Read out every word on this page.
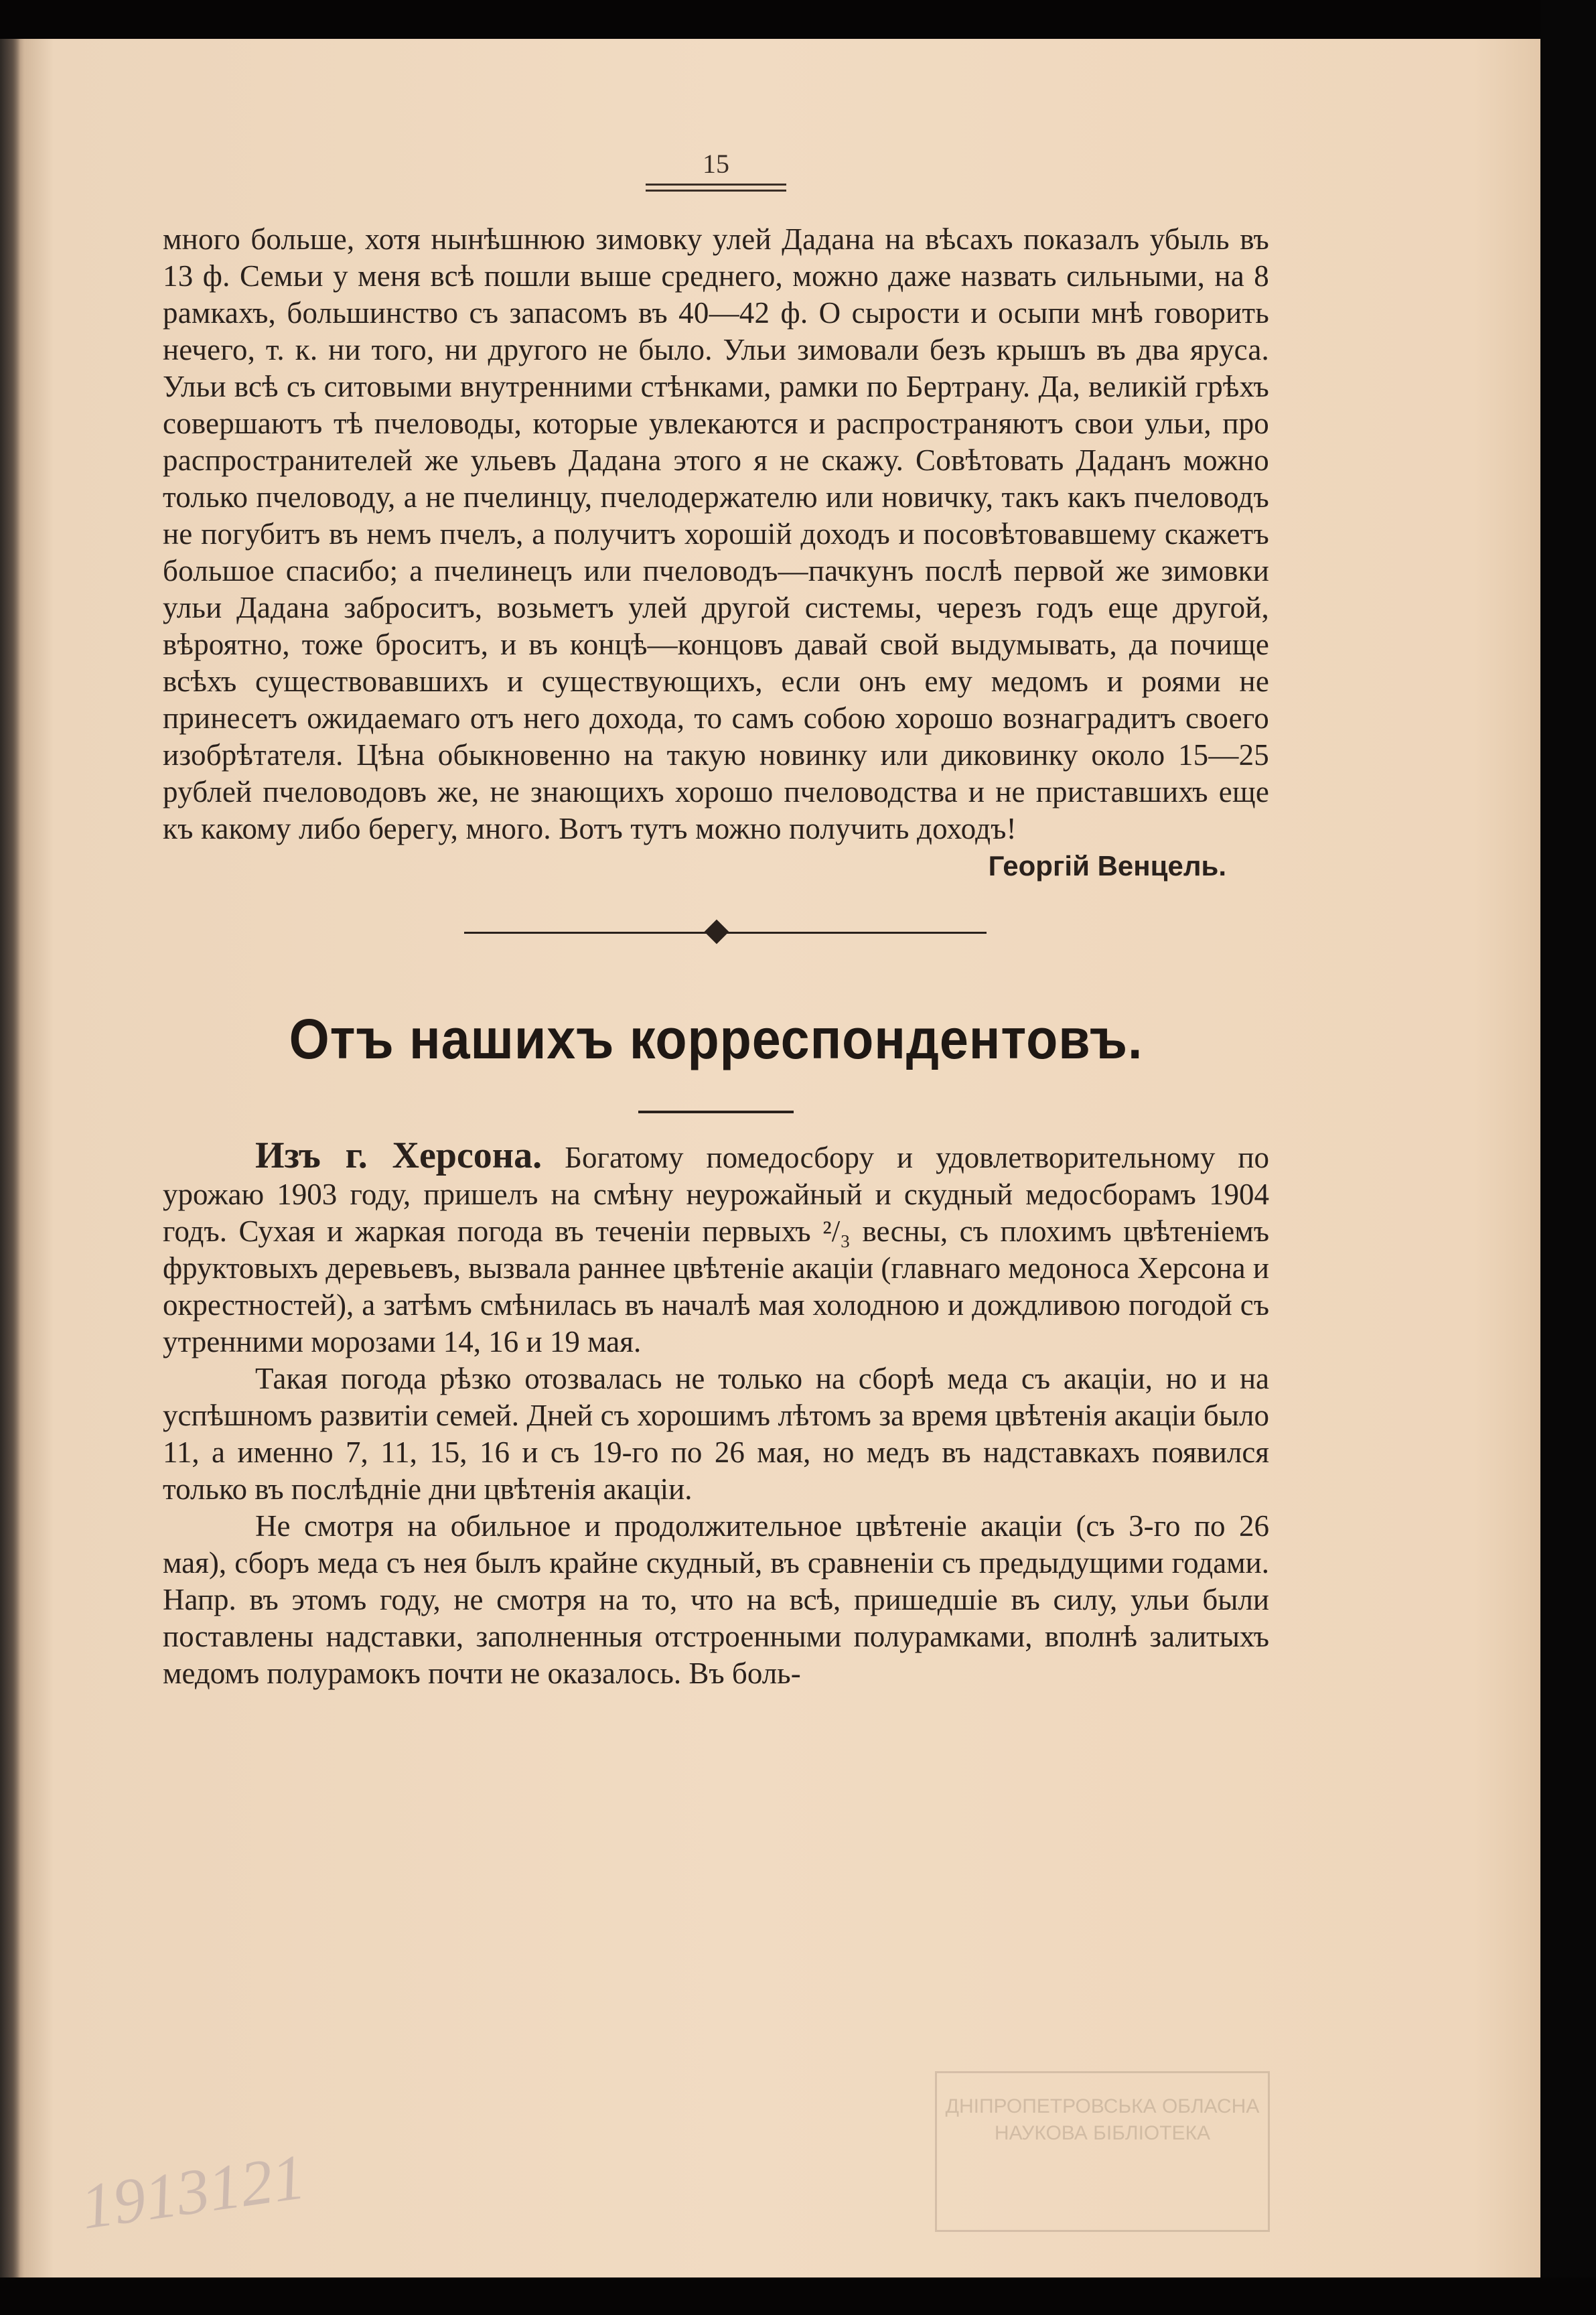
15

много больше, хотя нынѣшнюю зимовку улей Дадана на вѣсахъ показалъ убыль въ 13 ф. Семьи у меня всѣ пошли выше среднего, можно даже назвать сильными, на 8 рамкахъ, большинство съ запасомъ въ 40—42 ф. О сырости и осыпи мнѣ говорить нечего, т. к. ни того, ни другого не было. Ульи зимовали безъ крышъ въ два яруса. Ульи всѣ съ ситовыми внутренними стѣнками, рамки по Бертрану. Да, великій грѣхъ совершаютъ тѣ пчеловоды, которые увлекаются и распространяютъ свои ульи, про распространителей же ульевъ Дадана этого я не скажу. Совѣтовать Даданъ можно только пчеловоду, а не пчелинцу, пчелодержателю или новичку, такъ какъ пчеловодъ не погубитъ въ немъ пчелъ, а получитъ хорошій доходъ и посовѣтовавшему скажетъ большое спасибо; а пчелинецъ или пчеловодъ—пачкунъ послѣ первой же зимовки ульи Дадана заброситъ, возьметъ улей другой системы, черезъ годъ еще другой, вѣроятно, тоже броситъ, и въ концѣ—концовъ давай свой выдумывать, да почище всѣхъ существовавшихъ и существующихъ, если онъ ему медомъ и роями не принесетъ ожидаемаго отъ него дохода, то самъ собою хорошо вознаградитъ своего изобрѣтателя. Цѣна обыкновенно на такую новинку или диковинку около 15—25 рублей пчеловодовъ же, не знающихъ хорошо пчеловодства и не приставшихъ еще къ какому либо берегу, много. Вотъ тутъ можно получить доходъ!

Георгій Венцель.
Отъ нашихъ корреспондентовъ.

Изъ г. Херсона. Богатому помедосбору и удовлетворительному по урожаю 1903 году, пришелъ на смѣну неурожайный и скудный медосборамъ 1904 годъ. Сухая и жаркая погода въ теченіи первыхъ ²/₃ весны, съ плохимъ цвѣтеніемъ фруктовыхъ деревьевъ, вызвала раннее цвѣтеніе акаціи (главнаго медоноса Херсона и окрестностей), а затѣмъ смѣнилась въ началѣ мая холодною и дождливою погодой съ утренними морозами 14, 16 и 19 мая.

Такая погода рѣзко отозвалась не только на сборѣ меда съ акаціи, но и на успѣшномъ развитіи семей. Дней съ хорошимъ лѣтомъ за время цвѣтенія акаціи было 11, а именно 7, 11, 15, 16 и съ 19-го по 26 мая, но медъ въ надставкахъ появился только въ послѣдніе дни цвѣтенія акаціи.

Не смотря на обильное и продолжительное цвѣтеніе акаціи (съ 3-го по 26 мая), сборъ меда съ нея былъ крайне скудный, въ сравненіи съ предыдущими годами. Напр. въ этомъ году, не смотря на то, что на всѣ, пришедшіе въ силу, ульи были поставлены надставки, заполненныя отстроенными полурамками, вполнѣ залитыхъ медомъ полурамокъ почти не оказалось. Въ боль-

ДНІПРОПЕТРОВСЬКА ОБЛАСНА НАУКОВА БІБЛІОТЕКА
1913121
